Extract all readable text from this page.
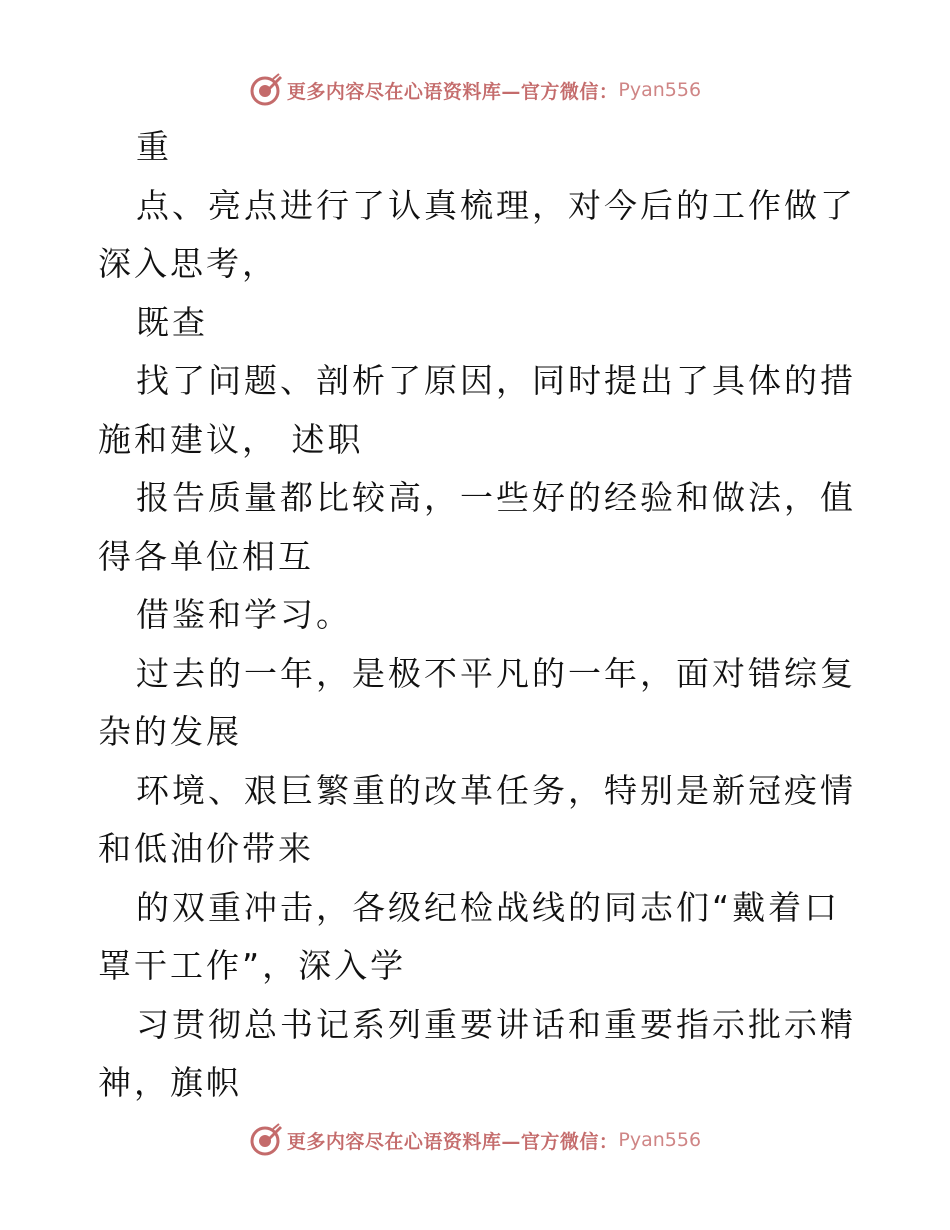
更多内容尽在心语资料库—官方微信： Pyan556

重

点、亮点进行了认真梳理，对今后的工作做了深入思考，

既查

找了问题、剖析了原因，同时提出了具体的措施和建议， 述职

报告质量都比较高，一些好的经验和做法，值得各单位相互

借鉴和学习。

过去的一年，是极不平凡的一年，面对错综复杂的发展

环境、艰巨繁重的改革任务，特别是新冠疫情和低油价带来

的双重冲击，各级纪检战线的同志们“戴着口罩干工作”，深入学

习贯彻总书记系列重要讲话和重要指示批示精神，旗帜

更多内容尽在心语资料库—官方微信： Pyan556
